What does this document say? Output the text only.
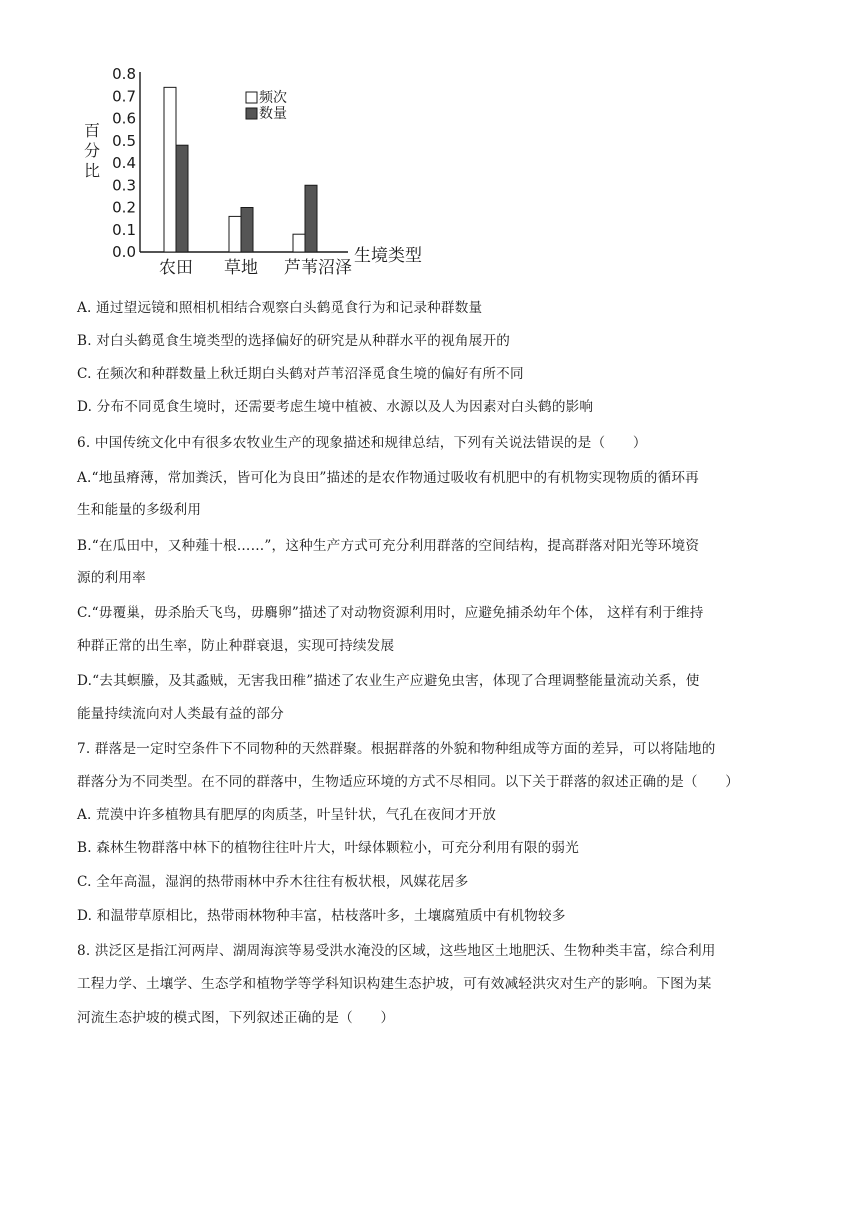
百
分
比
0.0
0.1
0.2
0.3
0.4
0.5
0.6
0.7
0.8
农田 草地 芦苇沼泽
频次
数量
生境类型
A. 通过望远镜和照相机相结合观察白头鹤觅食行为和记录种群数量
B. 对白头鹤觅食生境类型的选择偏好的研究是从种群水平的视角展开的
C. 在频次和种群数量上秋迁期白头鹤对芦苇沼泽觅食生境的偏好有所不同
D. 分布不同觅食生境时，还需要考虑生境中植被、水源以及人为因素对白头鹤的影响
6. 中国传统文化中有很多农牧业生产的现象描述和规律总结，下列有关说法错误的是（　　）
A.“地虽瘠薄，常加粪沃，皆可化为良田”描述的是农作物通过吸收有机肥中的有机物实现物质的循环再
生和能量的多级利用
B.“在瓜田中，又种薤十根……”，这种生产方式可充分利用群落的空间结构，提高群落对阳光等环境资
源的利用率
C.“毋覆巢，毋杀胎夭飞鸟，毋麛卵”描述了对动物资源利用时，应避免捕杀幼年个体， 这样有利于维持
种群正常的出生率，防止种群衰退，实现可持续发展
D.“去其螟螣，及其蟊贼，无害我田稚”描述了农业生产应避免虫害，体现了合理调整能量流动关系，使
能量持续流向对人类最有益的部分
7. 群落是一定时空条件下不同物种的天然群聚。根据群落的外貌和物种组成等方面的差异，可以将陆地的
群落分为不同类型。在不同的群落中，生物适应环境的方式不尽相同。以下关于群落的叙述正确的是（　　）
A. 荒漠中许多植物具有肥厚的肉质茎，叶呈针状，气孔在夜间才开放
B. 森林生物群落中林下的植物往往叶片大，叶绿体颗粒小，可充分利用有限的弱光
C. 全年高温，湿润的热带雨林中乔木往往有板状根，风媒花居多
D. 和温带草原相比，热带雨林物种丰富，枯枝落叶多，土壤腐殖质中有机物较多
8. 洪泛区是指江河两岸、湖周海滨等易受洪水淹没的区域，这些地区土地肥沃、生物种类丰富，综合利用
工程力学、土壤学、生态学和植物学等学科知识构建生态护坡，可有效减轻洪灾对生产的影响。下图为某
河流生态护坡的模式图，下列叙述正确的是（　　）
